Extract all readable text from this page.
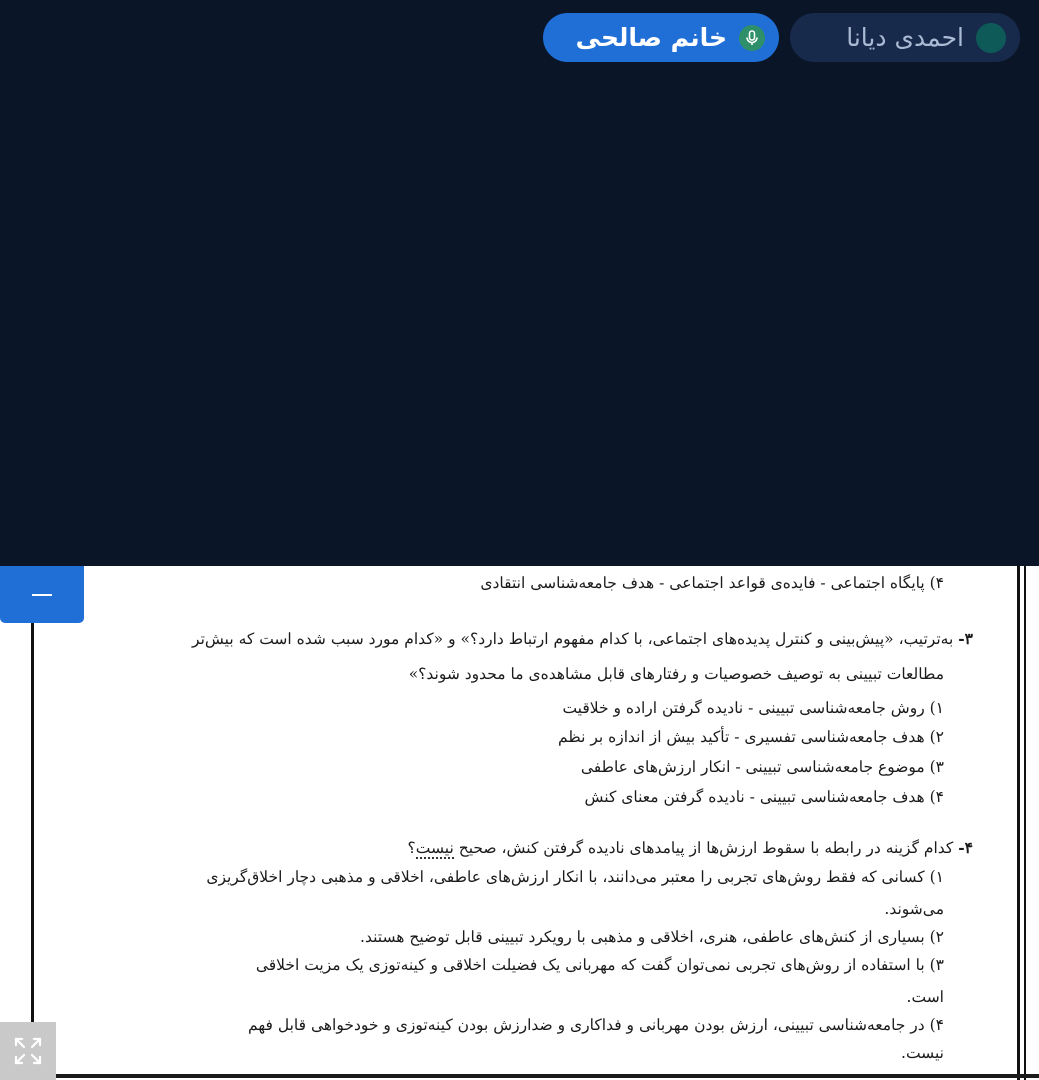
احمدی دیانا
خانم صالحی
۴) پایگاه اجتماعی - فایده‌ی قواعد اجتماعی - هدف جامعه‌شناسی انتقادی
۳- به‌ترتیب، «پیش‌بینی و کنترل پدیده‌های اجتماعی، با کدام مفهوم ارتباط دارد؟» و «کدام مورد سبب شده است که بیش‌تر
مطالعات تبیینی به توصیف خصوصیات و رفتارهای قابل مشاهده‌ی ما محدود شوند؟»
۱) روش جامعه‌شناسی تبیینی - نادیده گرفتن اراده و خلاقیت
۲) هدف جامعه‌شناسی تفسیری - تأکید بیش از اندازه بر نظم
۳) موضوع جامعه‌شناسی تبیینی - انکار ارزش‌های عاطفی
۴) هدف جامعه‌شناسی تبیینی - نادیده گرفتن معنای کنش
۴- کدام گزینه در رابطه با سقوط ارزش‌ها از پیامدهای نادیده گرفتن کنش، صحیح نیست؟
۱) کسانی که فقط روش‌های تجربی را معتبر می‌دانند، با انکار ارزش‌های عاطفی، اخلاقی و مذهبی دچار اخلاق‌گریزی
می‌شوند.
۲) بسیاری از کنش‌های عاطفی، هنری، اخلاقی و مذهبی با رویکرد تبیینی قابل توضیح هستند.
۳) با استفاده از روش‌های تجربی نمی‌توان گفت که مهربانی یک فضیلت اخلاقی و کینه‌توزی یک مزیت اخلاقی
است.
۴) در جامعه‌شناسی تبیینی، ارزش بودن مهربانی و فداکاری و ضدارزش بودن کینه‌توزی و خودخواهی قابل فهم
نیست.
